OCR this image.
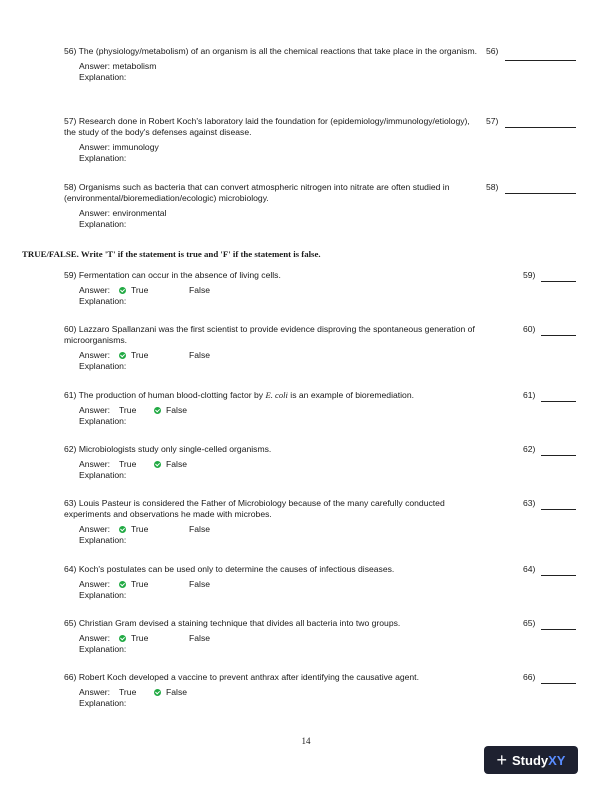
56) The (physiology/metabolism) of an organism is all the chemical reactions that take place in the organism.
Answer: metabolism
Explanation:
56)
57) Research done in Robert Koch's laboratory laid the foundation for (epidemiology/immunology/etiology), the study of the body's defenses against disease.
Answer: immunology
Explanation:
57)
58) Organisms such as bacteria that can convert atmospheric nitrogen into nitrate are often studied in (environmental/bioremediation/ecologic) microbiology.
Answer: environmental
Explanation:
58)
TRUE/FALSE. Write 'T' if the statement is true and 'F' if the statement is false.
59) Fermentation can occur in the absence of living cells.
Answer:	True	False
Explanation:
59)
60) Lazzaro Spallanzani was the first scientist to provide evidence disproving the spontaneous generation of microorganisms.
Answer:	True	False
Explanation:
60)
61) The production of human blood-clotting factor by E. coli is an example of bioremediation.
Answer:	True	False
Explanation:
61)
62) Microbiologists study only single-celled organisms.
Answer:	True	False
Explanation:
62)
63) Louis Pasteur is considered the Father of Microbiology because of the many carefully conducted experiments and observations he made with microbes.
Answer:	True	False
Explanation:
63)
64) Koch's postulates can be used only to determine the causes of infectious diseases.
Answer:	True	False
Explanation:
64)
65) Christian Gram devised a staining technique that divides all bacteria into two groups.
Answer:	True	False
Explanation:
65)
66) Robert Koch developed a vaccine to prevent anthrax after identifying the causative agent.
Answer:	True	False
Explanation:
66)
14
+ StudyXY
